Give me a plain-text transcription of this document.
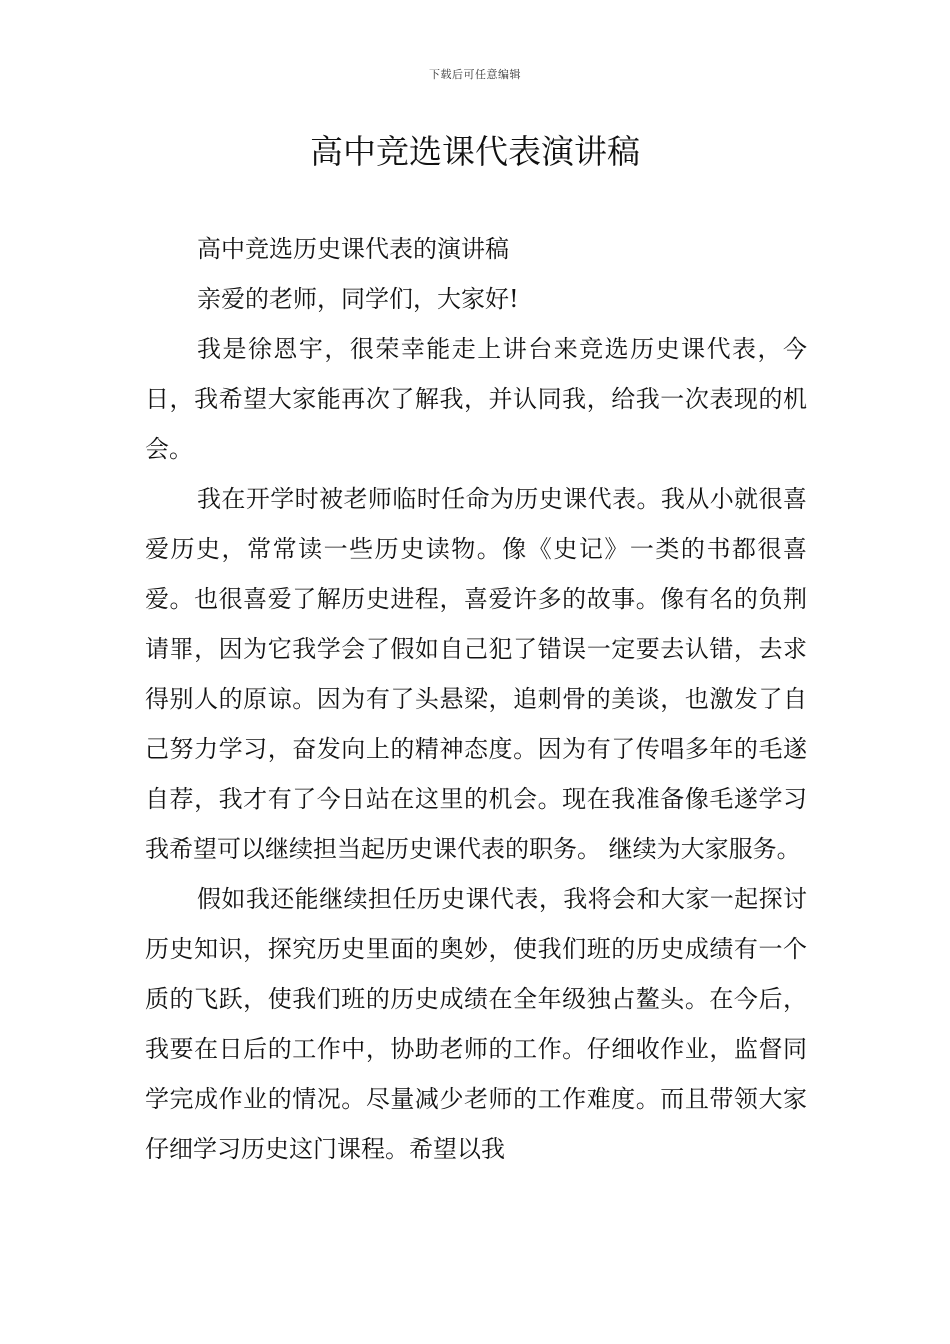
下载后可任意编辑
高中竞选课代表演讲稿

高中竞选历史课代表的演讲稿

亲爱的老师，同学们，大家好!

我是徐恩宇，很荣幸能走上讲台来竞选历史课代表，今日，我希望大家能再次了解我，并认同我，给我一次表现的机会。

我在开学时被老师临时任命为历史课代表。我从小就很喜爱历史，常常读一些历史读物。像《史记》一类的书都很喜爱。也很喜爱了解历史进程，喜爱许多的故事。像有名的负荆请罪，因为它我学会了假如自己犯了错误一定要去认错，去求得别人的原谅。因为有了头悬梁，追刺骨的美谈，也激发了自己努力学习，奋发向上的精神态度。因为有了传唱多年的毛遂自荐，我才有了今日站在这里的机会。现在我准备像毛遂学习我希望可以继续担当起历史课代表的职务。 继续为大家服务。

假如我还能继续担任历史课代表，我将会和大家一起探讨历史知识，探究历史里面的奥妙，使我们班的历史成绩有一个质的飞跃，使我们班的历史成绩在全年级独占鳌头。在今后，我要在日后的工作中，协助老师的工作。仔细收作业，监督同学完成作业的情况。尽量减少老师的工作难度。而且带领大家仔细学习历史这门课程。希望以我
